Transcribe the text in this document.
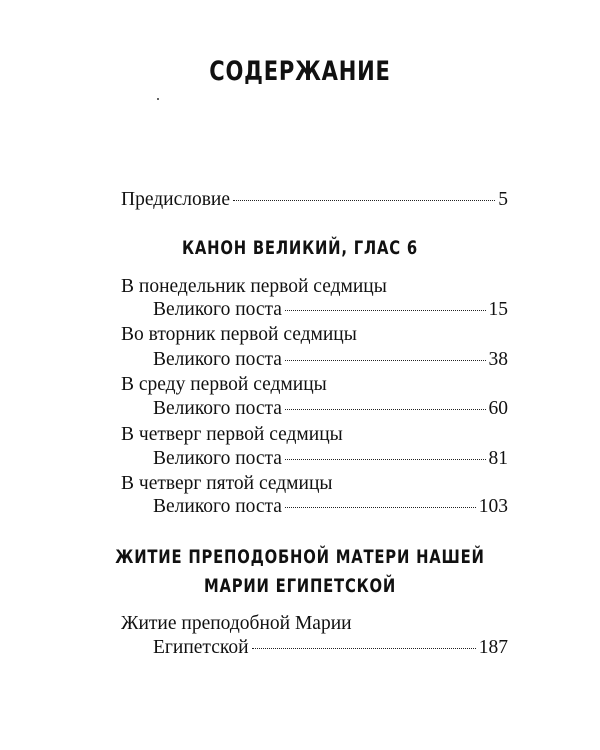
СОДЕРЖАНИЕ
Предисловие	5
КАНОН ВЕЛИКИЙ, ГЛАС 6
В понедельник первой седмицы
Великого поста	15
Во вторник первой седмицы
Великого поста	38
В среду первой седмицы
Великого поста	60
В четверг первой седмицы
Великого поста	81
В четверг пятой седмицы
Великого поста	103
ЖИТИЕ ПРЕПОДОБНОЙ МАТЕРИ НАШЕЙ
МАРИИ ЕГИПЕТСКОЙ
Житие преподобной Марии
Египетской	187
